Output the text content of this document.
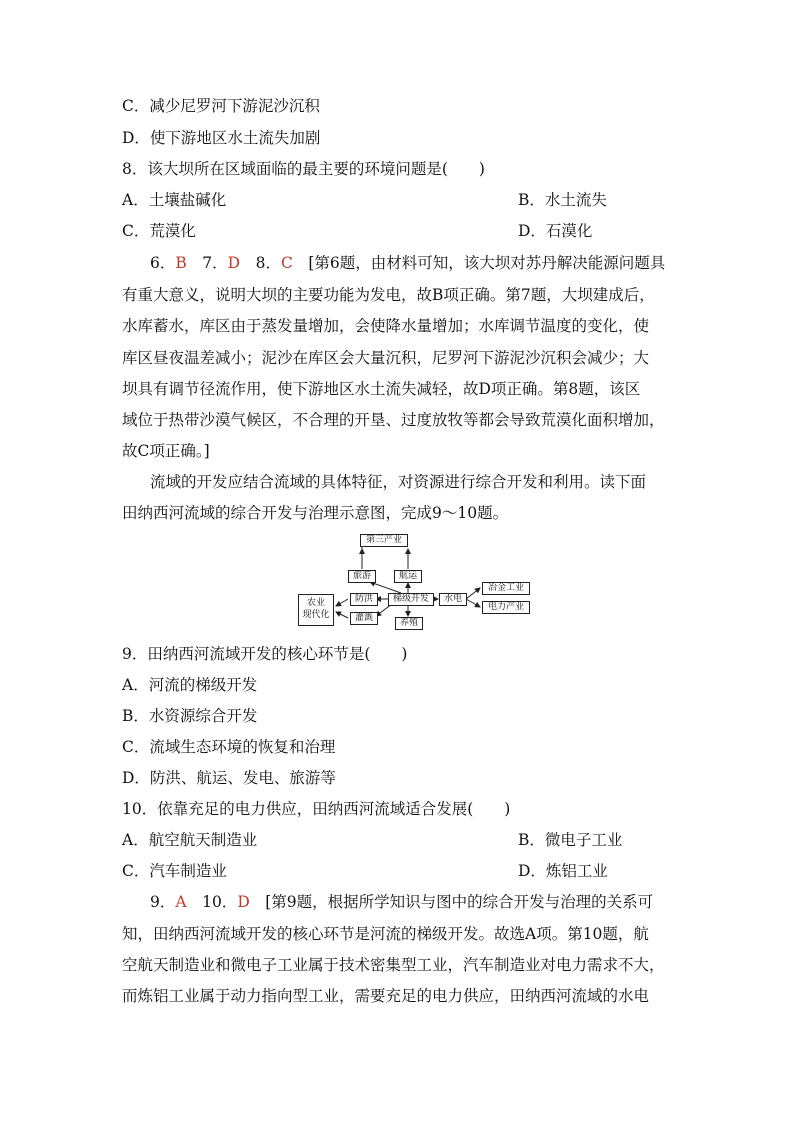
C．减少尼罗河下游泥沙沉积
D．使下游地区水土流失加剧
8．该大坝所在区域面临的最主要的环境问题是(　　)
A．土壤盐碱化	B．水土流失
C．荒漠化	D．石漠化
6．B　7．D　8．C　[第6题，由材料可知，该大坝对苏丹解决能源问题具
有重大意义，说明大坝的主要功能为发电，故B项正确。第7题，大坝建成后，
水库蓄水，库区由于蒸发量增加，会使降水量增加；水库调节温度的变化，使
库区昼夜温差减小；泥沙在库区会大量沉积，尼罗河下游泥沙沉积会减少；大
坝具有调节径流作用，使下游地区水土流失减轻，故D项正确。第8题，该区
域位于热带沙漠气候区，不合理的开垦、过度放牧等都会导致荒漠化面积增加，
故C项正确。]
流域的开发应结合流域的具体特征，对资源进行综合开发和利用。读下面
田纳西河流域的综合开发与治理示意图，完成9～10题。
第三产业
旅游	航运
农业
现代化
防洪
灌溉
梯级开发
养殖
水电
冶金工业
电力产业
9．田纳西河流域开发的核心环节是(　　)
A．河流的梯级开发
B．水资源综合开发
C．流域生态环境的恢复和治理
D．防洪、航运、发电、旅游等
10．依靠充足的电力供应，田纳西河流域适合发展(　　)
A．航空航天制造业	B．微电子工业
C．汽车制造业	D．炼铝工业
9．A　10．D　[第9题，根据所学知识与图中的综合开发与治理的关系可
知，田纳西河流域开发的核心环节是河流的梯级开发。故选A项。第10题，航
空航天制造业和微电子工业属于技术密集型工业，汽车制造业对电力需求不大，
而炼铝工业属于动力指向型工业，需要充足的电力供应，田纳西河流域的水电
